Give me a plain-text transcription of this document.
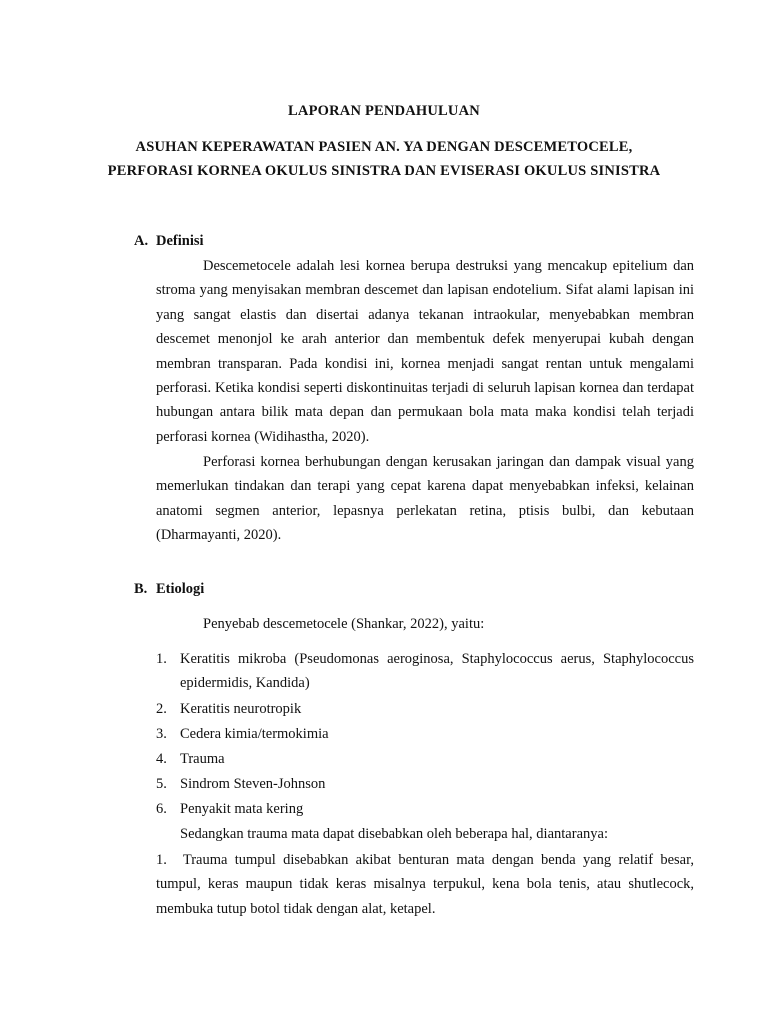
LAPORAN PENDAHULUAN
ASUHAN KEPERAWATAN PASIEN AN. YA DENGAN DESCEMETOCELE,
PERFORASI KORNEA OKULUS SINISTRA DAN EVISERASI OKULUS SINISTRA
A. Definisi

Descemetocele adalah lesi kornea berupa destruksi yang mencakup epitelium dan stroma yang menyisakan membran descemet dan lapisan endotelium. Sifat alami lapisan ini yang sangat elastis dan disertai adanya tekanan intraokular, menyebabkan membran descemet menonjol ke arah anterior dan membentuk defek menyerupai kubah dengan membran transparan. Pada kondisi ini, kornea menjadi sangat rentan untuk mengalami perforasi. Ketika kondisi seperti diskontinuitas terjadi di seluruh lapisan kornea dan terdapat hubungan antara bilik mata depan dan permukaan bola mata maka kondisi telah terjadi perforasi kornea (Widihastha, 2020).

Perforasi kornea berhubungan dengan kerusakan jaringan dan dampak visual yang memerlukan tindakan dan terapi yang cepat karena dapat menyebabkan infeksi, kelainan anatomi segmen anterior, lepasnya perlekatan retina, ptisis bulbi, dan kebutaan (Dharmayanti, 2020).

B. Etiologi

Penyebab descemetocele (Shankar, 2022), yaitu:

1. Keratitis mikroba (Pseudomonas aeroginosa, Staphylococcus aerus, Staphylococcus epidermidis, Kandida)
2. Keratitis neurotropik
3. Cedera kimia/termokimia
4. Trauma
5. Sindrom Steven-Johnson
6. Penyakit mata kering

Sedangkan trauma mata dapat disebabkan oleh beberapa hal, diantaranya:

1. Trauma tumpul disebabkan akibat benturan mata dengan benda yang relatif besar, tumpul, keras maupun tidak keras misalnya terpukul, kena bola tenis, atau shutlecock, membuka tutup botol tidak dengan alat, ketapel.
